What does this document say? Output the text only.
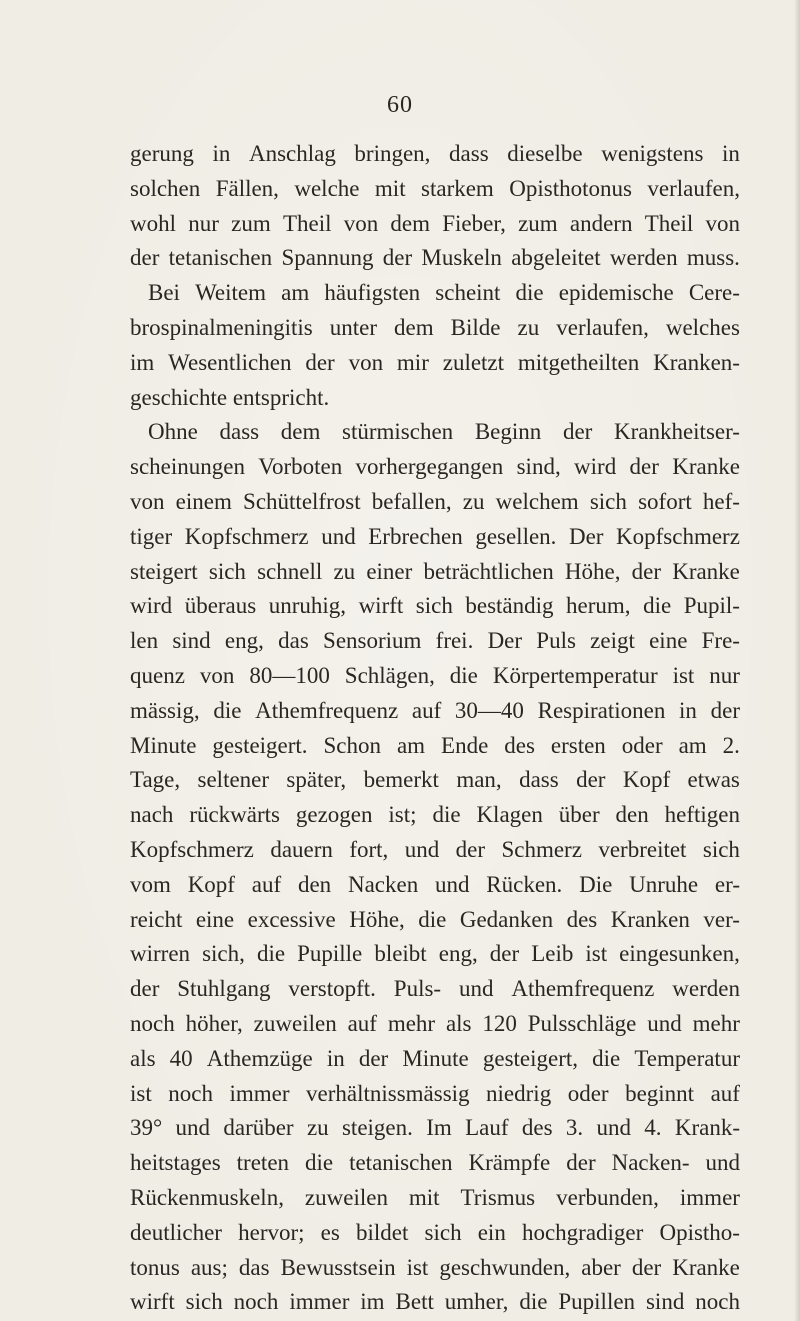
60
gerung in Anschlag bringen, dass dieselbe wenigstens in
solchen Fällen, welche mit starkem Opisthotonus verlaufen,
wohl nur zum Theil von dem Fieber, zum andern Theil von
der tetanischen Spannung der Muskeln abgeleitet werden muss.
Bei Weitem am häufigsten scheint die epidemische Cere-
brospinalmeningitis unter dem Bilde zu verlaufen, welches
im Wesentlichen der von mir zuletzt mitgetheilten Kranken-
geschichte entspricht.
Ohne dass dem stürmischen Beginn der Krankheitser-
scheinungen Vorboten vorhergegangen sind, wird der Kranke
von einem Schüttelfrost befallen, zu welchem sich sofort hef-
tiger Kopfschmerz und Erbrechen gesellen. Der Kopfschmerz
steigert sich schnell zu einer beträchtlichen Höhe, der Kranke
wird überaus unruhig, wirft sich beständig herum, die Pupil-
len sind eng, das Sensorium frei. Der Puls zeigt eine Fre-
quenz von 80—100 Schlägen, die Körpertemperatur ist nur
mässig, die Athemfrequenz auf 30—40 Respirationen in der
Minute gesteigert. Schon am Ende des ersten oder am 2.
Tage, seltener später, bemerkt man, dass der Kopf etwas
nach rückwärts gezogen ist; die Klagen über den heftigen
Kopfschmerz dauern fort, und der Schmerz verbreitet sich
vom Kopf auf den Nacken und Rücken. Die Unruhe er-
reicht eine excessive Höhe, die Gedanken des Kranken ver-
wirren sich, die Pupille bleibt eng, der Leib ist eingesunken,
der Stuhlgang verstopft. Puls- und Athemfrequenz werden
noch höher, zuweilen auf mehr als 120 Pulsschläge und mehr
als 40 Athemzüge in der Minute gesteigert, die Temperatur
ist noch immer verhältnissmässig niedrig oder beginnt auf
39° und darüber zu steigen. Im Lauf des 3. und 4. Krank-
heitstages treten die tetanischen Krämpfe der Nacken- und
Rückenmuskeln, zuweilen mit Trismus verbunden, immer
deutlicher hervor; es bildet sich ein hochgradiger Opistho-
tonus aus; das Bewusstsein ist geschwunden, aber der Kranke
wirft sich noch immer im Bett umher, die Pupillen sind noch
